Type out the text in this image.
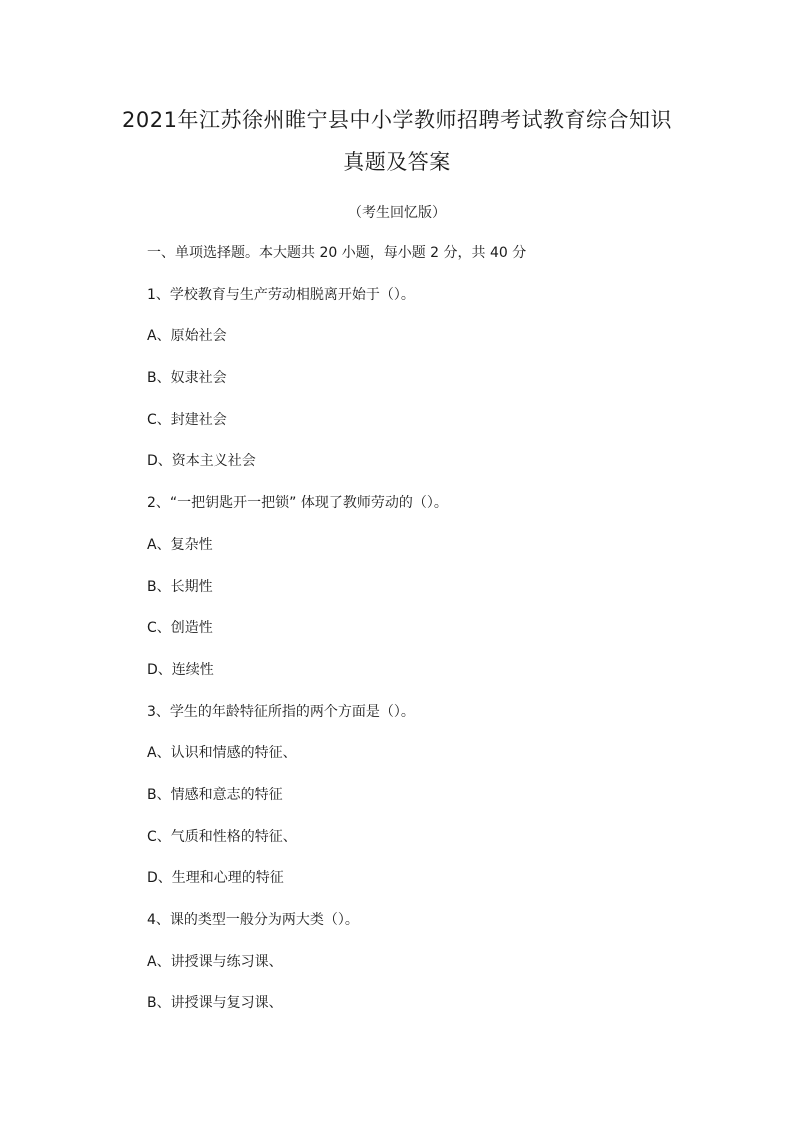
2021年江苏徐州睢宁县中小学教师招聘考试教育综合知识
真题及答案
（考生回忆版）
一、单项选择题。本大题共 20 小题，每小题 2 分，共 40 分
1、学校教育与生产劳动相脱离开始于（）。
A、原始社会
B、奴隶社会
C、封建社会
D、资本主义社会
2、“一把钥匙开一把锁” 体现了教师劳动的（）。
A、复杂性
B、长期性
C、创造性
D、连续性
3、学生的年龄特征所指的两个方面是（）。
A、认识和情感的特征、
B、情感和意志的特征
C、气质和性格的特征、
D、生理和心理的特征
4、课的类型一般分为两大类（）。
A、讲授课与练习课、
B、讲授课与复习课、
